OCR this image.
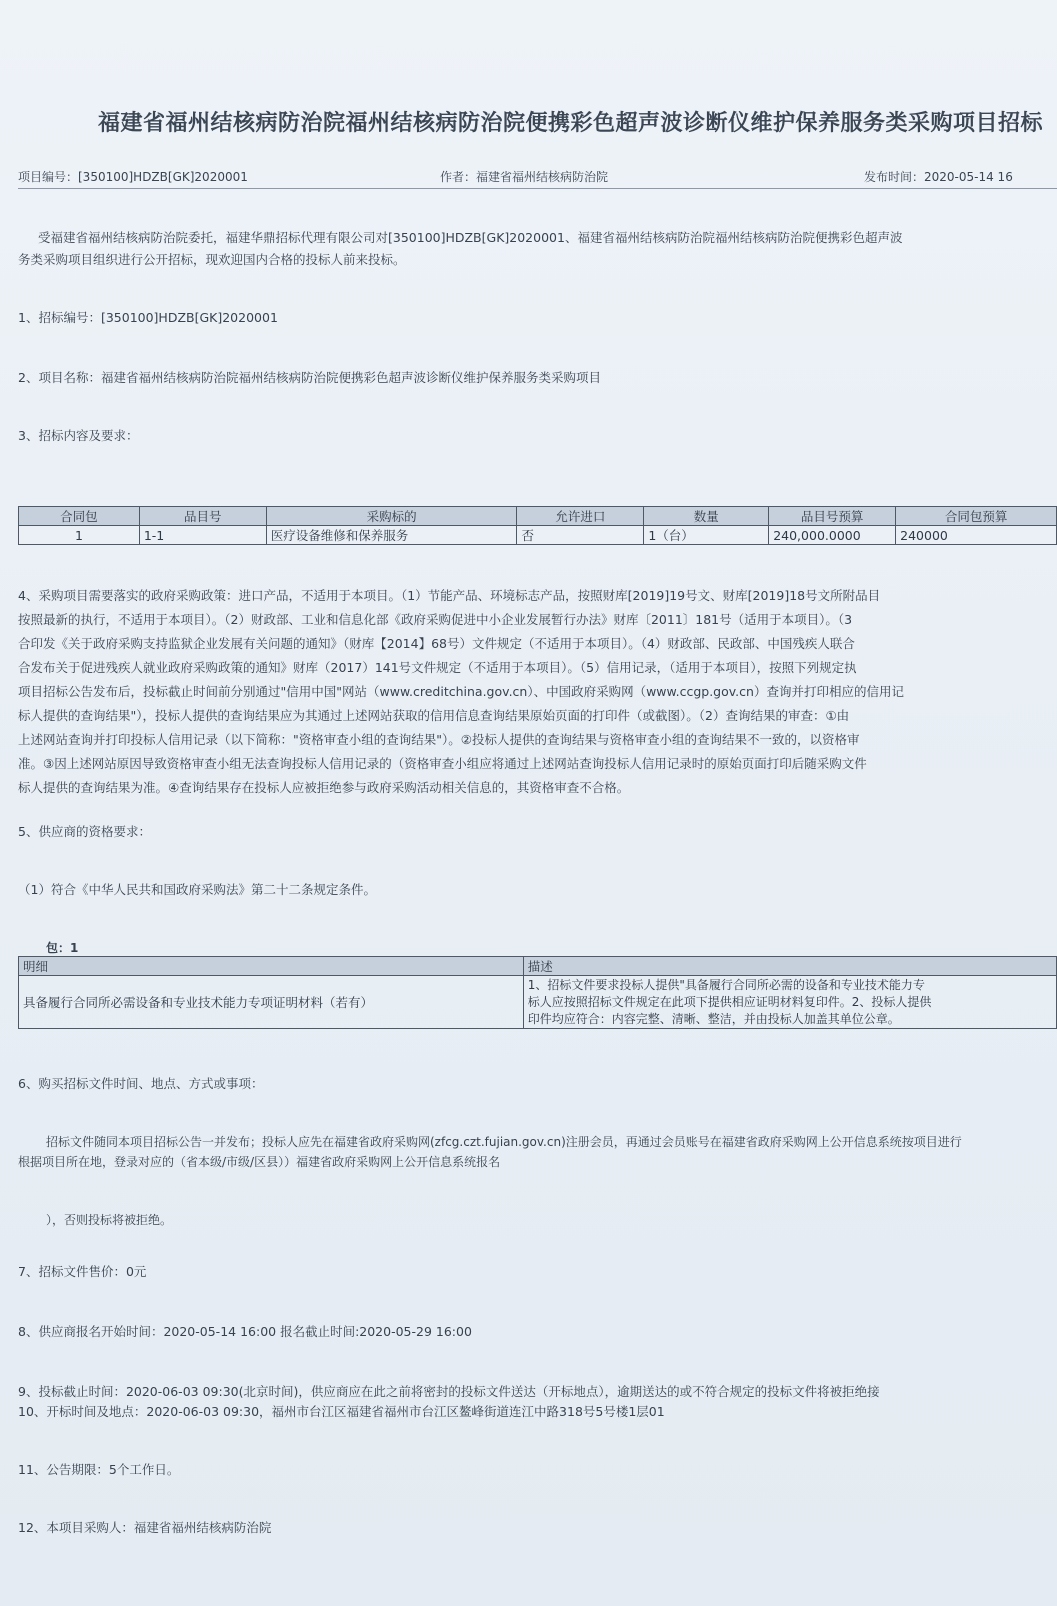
福建省福州结核病防治院福州结核病防治院便携彩色超声波诊断仪维护保养服务类采购项目招标
项目编号：[350100]HDZB[GK]2020001	作者：福建省福州结核病防治院	发布时间：2020-05-14 16
受福建省福州结核病防治院委托，福建华鼎招标代理有限公司对[350100]HDZB[GK]2020001、福建省福州结核病防治院福州结核病防治院便携彩色超声波
务类采购项目组织进行公开招标，现欢迎国内合格的投标人前来投标。
1、招标编号：[350100]HDZB[GK]2020001
2、项目名称：福建省福州结核病防治院福州结核病防治院便携彩色超声波诊断仪维护保养服务类采购项目
3、招标内容及要求：
合同包	品目号	采购标的	允许进口	数量	品目号预算	合同包预算
1	1-1	医疗设备维修和保养服务	否	1（台）	240,000.0000	240000
4、采购项目需要落实的政府采购政策：进口产品，不适用于本项目。（1）节能产品、环境标志产品，按照财库[2019]19号文、财库[2019]18号文所附品目
按照最新的执行，不适用于本项目）。（2）财政部、工业和信息化部《政府采购促进中小企业发展暂行办法》财库〔2011〕181号（适用于本项目）。（3
合印发《关于政府采购支持监狱企业发展有关问题的通知》（财库【2014】68号）文件规定（不适用于本项目）。（4）财政部、民政部、中国残疾人联合
合发布关于促进残疾人就业政府采购政策的通知》财库（2017）141号文件规定（不适用于本项目）。（5）信用记录，（适用于本项目），按照下列规定执
项目招标公告发布后，投标截止时间前分别通过"信用中国"网站（www.creditchina.gov.cn）、中国政府采购网（www.ccgp.gov.cn）查询并打印相应的信用记
标人提供的查询结果"），投标人提供的查询结果应为其通过上述网站获取的信用信息查询结果原始页面的打印件（或截图）。（2）查询结果的审查：①由
上述网站查询并打印投标人信用记录（以下简称："资格审查小组的查询结果"）。②投标人提供的查询结果与资格审查小组的查询结果不一致的，以资格审
准。③因上述网站原因导致资格审查小组无法查询投标人信用记录的（资格审查小组应将通过上述网站查询投标人信用记录时的原始页面打印后随采购文件
标人提供的查询结果为准。④查询结果存在投标人应被拒绝参与政府采购活动相关信息的，其资格审查不合格。
5、供应商的资格要求：
（1）符合《中华人民共和国政府采购法》第二十二条规定条件。
包：1
明细	描述
具备履行合同所必需设备和专业技术能力专项证明材料（若有）	1、招标文件要求投标人提供"具备履行合同所必需的设备和专业技术能力专
标人应按照招标文件规定在此项下提供相应证明材料复印件。2、投标人提供
印件均应符合：内容完整、清晰、整洁，并由投标人加盖其单位公章。
6、购买招标文件时间、地点、方式或事项：
招标文件随同本项目招标公告一并发布；投标人应先在福建省政府采购网(zfcg.czt.fujian.gov.cn)注册会员，再通过会员账号在福建省政府采购网上公开信息系统按项目进行
根据项目所在地，登录对应的（省本级/市级/区县））福建省政府采购网上公开信息系统报名
），否则投标将被拒绝。
7、招标文件售价：0元
8、供应商报名开始时间：2020-05-14 16:00 报名截止时间:2020-05-29 16:00
9、投标截止时间：2020-06-03 09:30(北京时间)，供应商应在此之前将密封的投标文件送达（开标地点），逾期送达的或不符合规定的投标文件将被拒绝接
10、开标时间及地点：2020-06-03 09:30，福州市台江区福建省福州市台江区鳌峰街道连江中路318号5号楼1层01
11、公告期限：5个工作日。
12、本项目采购人：福建省福州结核病防治院
